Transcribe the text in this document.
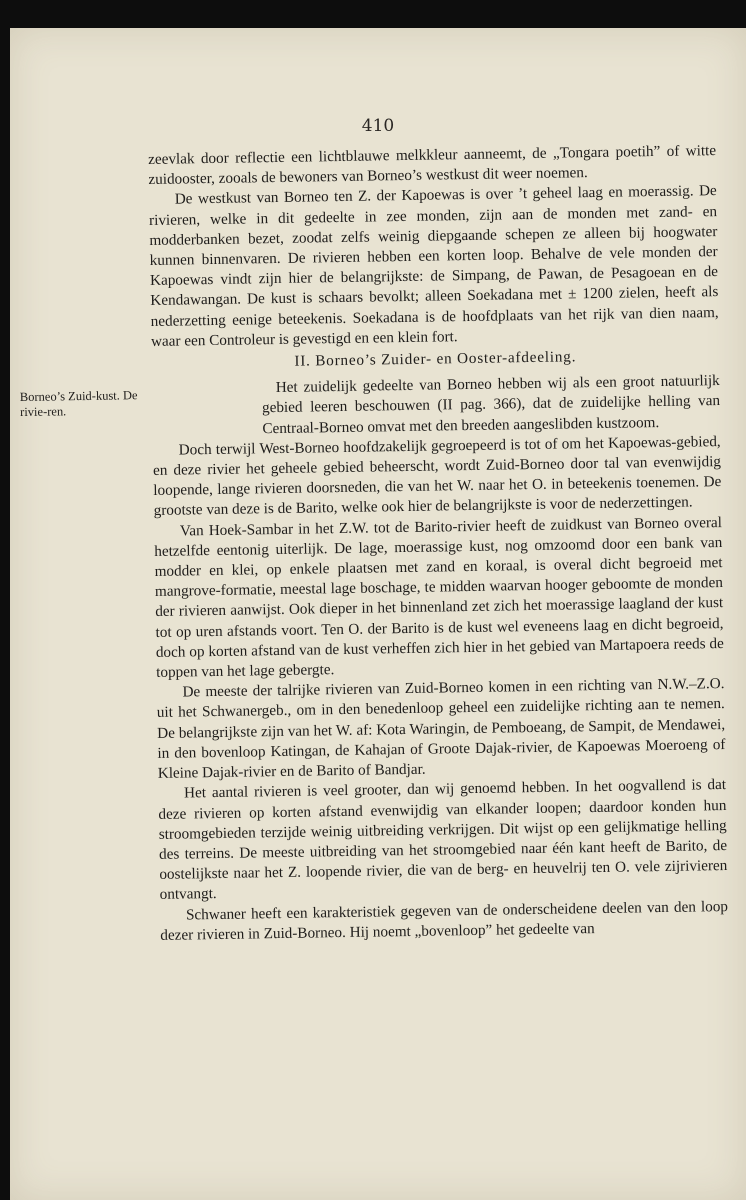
410

zeevlak door reflectie een lichtblauwe melkkleur aanneemt, de „Tongara poetih” of witte zuidooster, zooals de bewoners van Borneo’s westkust dit weer noemen.

De westkust van Borneo ten Z. der Kapoewas is over ’t geheel laag en moerassig. De rivieren, welke in dit gedeelte in zee monden, zijn aan de monden met zand- en modderbanken bezet, zoodat zelfs weinig diepgaande schepen ze alleen bij hoogwater kunnen binnenvaren. De rivieren hebben een korten loop. Behalve de vele monden der Kapoewas vindt zijn hier de belangrijkste: de Simpang, de Pawan, de Pesagoean en de Kendawangan. De kust is schaars bevolkt; alleen Soekadana met ± 1200 zielen, heeft als nederzetting eenige beteekenis. Soekadana is de hoofdplaats van het rijk van dien naam, waar een Controleur is gevestigd en een klein fort.

II. Borneo’s Zuider- en Ooster-afdeeling.

Borneo’s Zuid-kust. De rivie-ren.

Het zuidelijk gedeelte van Borneo hebben wij als een groot natuurlijk gebied leeren beschouwen (II pag. 366), dat de zuidelijke helling van Centraal-Borneo omvat met den breeden aangeslibden kustzoom.

Doch terwijl West-Borneo hoofdzakelijk gegroepeerd is tot of om het Kapoewas-gebied, en deze rivier het geheele gebied beheerscht, wordt Zuid-Borneo door tal van evenwijdig loopende, lange rivieren doorsneden, die van het W. naar het O. in beteekenis toenemen. De grootste van deze is de Barito, welke ook hier de belangrijkste is voor de nederzettingen.

Van Hoek-Sambar in het Z.W. tot de Barito-rivier heeft de zuidkust van Borneo overal hetzelfde eentonig uiterlijk. De lage, moerassige kust, nog omzoomd door een bank van modder en klei, op enkele plaatsen met zand en koraal, is overal dicht begroeid met mangrove-formatie, meestal lage boschage, te midden waarvan hooger geboomte de monden der rivieren aanwijst. Ook dieper in het binnenland zet zich het moerassige laagland der kust tot op uren afstands voort. Ten O. der Barito is de kust wel eveneens laag en dicht begroeid, doch op korten afstand van de kust verheffen zich hier in het gebied van Martapoera reeds de toppen van het lage gebergte.

De meeste der talrijke rivieren van Zuid-Borneo komen in een richting van N.W.–Z.O. uit het Schwanergeb., om in den benedenloop geheel een zuidelijke richting aan te nemen. De belangrijkste zijn van het W. af: Kota Waringin, de Pemboeang, de Sampit, de Mendawei, in den bovenloop Katingan, de Kahajan of Groote Dajak-rivier, de Kapoewas Moeroeng of Kleine Dajak-rivier en de Barito of Bandjar.

Het aantal rivieren is veel grooter, dan wij genoemd hebben. In het oogvallend is dat deze rivieren op korten afstand evenwijdig van elkander loopen; daardoor konden hun stroomgebieden terzijde weinig uitbreiding verkrijgen. Dit wijst op een gelijkmatige helling des terreins. De meeste uitbreiding van het stroomgebied naar één kant heeft de Barito, de oostelijkste naar het Z. loopende rivier, die van de berg- en heuvelrij ten O. vele zijrivieren ontvangt.

Schwaner heeft een karakteristiek gegeven van de onderscheidene deelen van den loop dezer rivieren in Zuid-Borneo. Hij noemt „bovenloop” het gedeelte van
